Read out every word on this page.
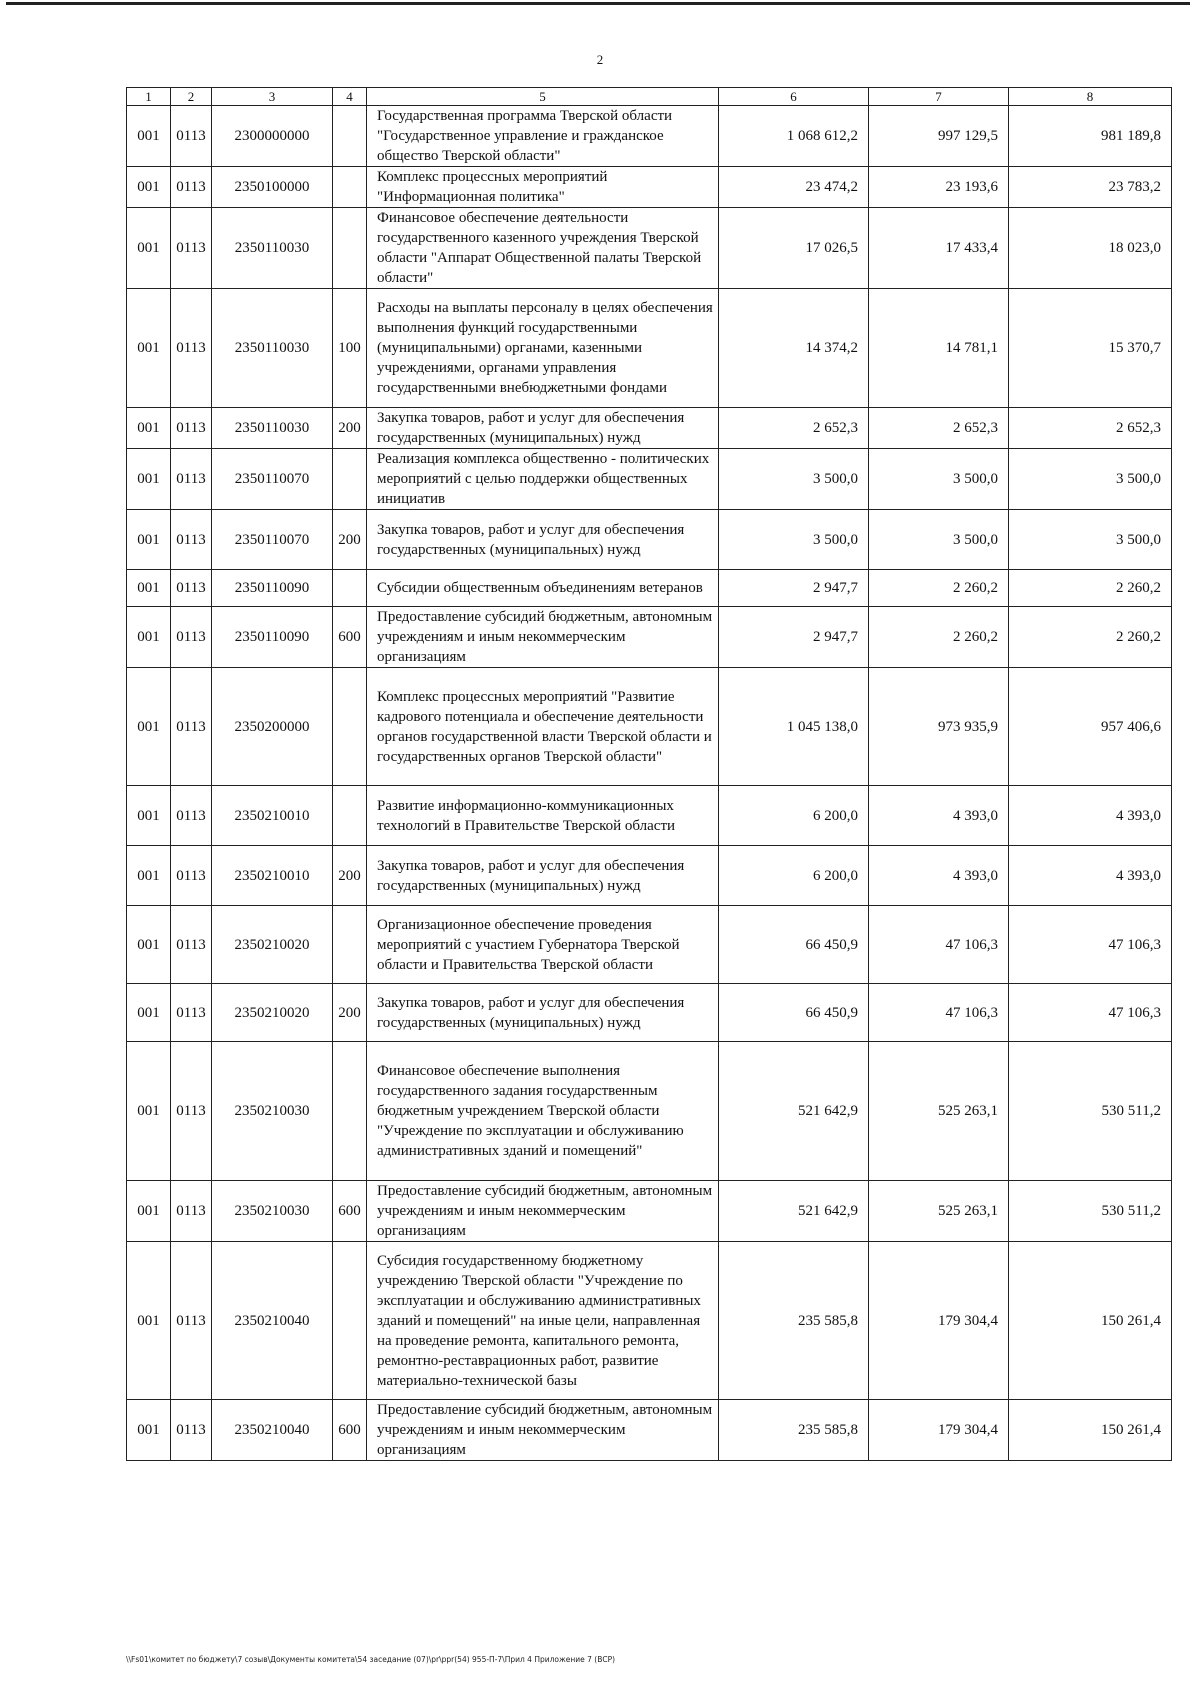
2
1	2	3	4	5	6	7	8
001	0113	2300000000		Государственная программа Тверской области "Государственное управление и гражданское общество Тверской области"	1 068 612,2	997 129,5	981 189,8
001	0113	2350100000		Комплекс процессных мероприятий "Информационная политика"	23 474,2	23 193,6	23 783,2
001	0113	2350110030		Финансовое обеспечение деятельности государственного казенного учреждения Тверской области "Аппарат Общественной палаты Тверской области"	17 026,5	17 433,4	18 023,0
001	0113	2350110030	100	Расходы на выплаты персоналу в целях обеспечения выполнения функций государственными (муниципальными) органами, казенными учреждениями, органами управления государственными внебюджетными фондами	14 374,2	14 781,1	15 370,7
001	0113	2350110030	200	Закупка товаров, работ и услуг для обеспечения государственных (муниципальных) нужд	2 652,3	2 652,3	2 652,3
001	0113	2350110070		Реализация комплекса общественно - политических мероприятий с целью поддержки общественных инициатив	3 500,0	3 500,0	3 500,0
001	0113	2350110070	200	Закупка товаров, работ и услуг для обеспечения государственных (муниципальных) нужд	3 500,0	3 500,0	3 500,0
001	0113	2350110090		Субсидии общественным объединениям ветеранов	2 947,7	2 260,2	2 260,2
001	0113	2350110090	600	Предоставление субсидий бюджетным, автономным учреждениям и иным некоммерческим организациям	2 947,7	2 260,2	2 260,2
001	0113	2350200000		Комплекс процессных мероприятий "Развитие кадрового потенциала и обеспечение деятельности органов государственной власти Тверской области и государственных органов Тверской области"	1 045 138,0	973 935,9	957 406,6
001	0113	2350210010		Развитие информационно-коммуникационных технологий в Правительстве Тверской области	6 200,0	4 393,0	4 393,0
001	0113	2350210010	200	Закупка товаров, работ и услуг для обеспечения государственных (муниципальных) нужд	6 200,0	4 393,0	4 393,0
001	0113	2350210020		Организационное обеспечение проведения мероприятий с участием Губернатора Тверской области и Правительства Тверской области	66 450,9	47 106,3	47 106,3
001	0113	2350210020	200	Закупка товаров, работ и услуг для обеспечения государственных (муниципальных) нужд	66 450,9	47 106,3	47 106,3
001	0113	2350210030		Финансовое обеспечение выполнения государственного задания государственным бюджетным учреждением Тверской области "Учреждение по эксплуатации и обслуживанию административных зданий и помещений"	521 642,9	525 263,1	530 511,2
001	0113	2350210030	600	Предоставление субсидий бюджетным, автономным учреждениям и иным некоммерческим организациям	521 642,9	525 263,1	530 511,2
001	0113	2350210040		Субсидия государственному бюджетному учреждению Тверской области "Учреждение по эксплуатации и обслуживанию административных зданий и помещений" на иные цели, направленная на проведение ремонта, капитального ремонта, ремонтно-реставрационных работ, развитие материально-технической базы	235 585,8	179 304,4	150 261,4
001	0113	2350210040	600	Предоставление субсидий бюджетным, автономным учреждениям и иным некоммерческим организациям	235 585,8	179 304,4	150 261,4
\\Fs01\комитет по бюджету\7 созыв\Документы комитета\54 заседание (07)\pr\ppr(54) 955-П-7\Прил 4 Приложение 7 (ВСР)
